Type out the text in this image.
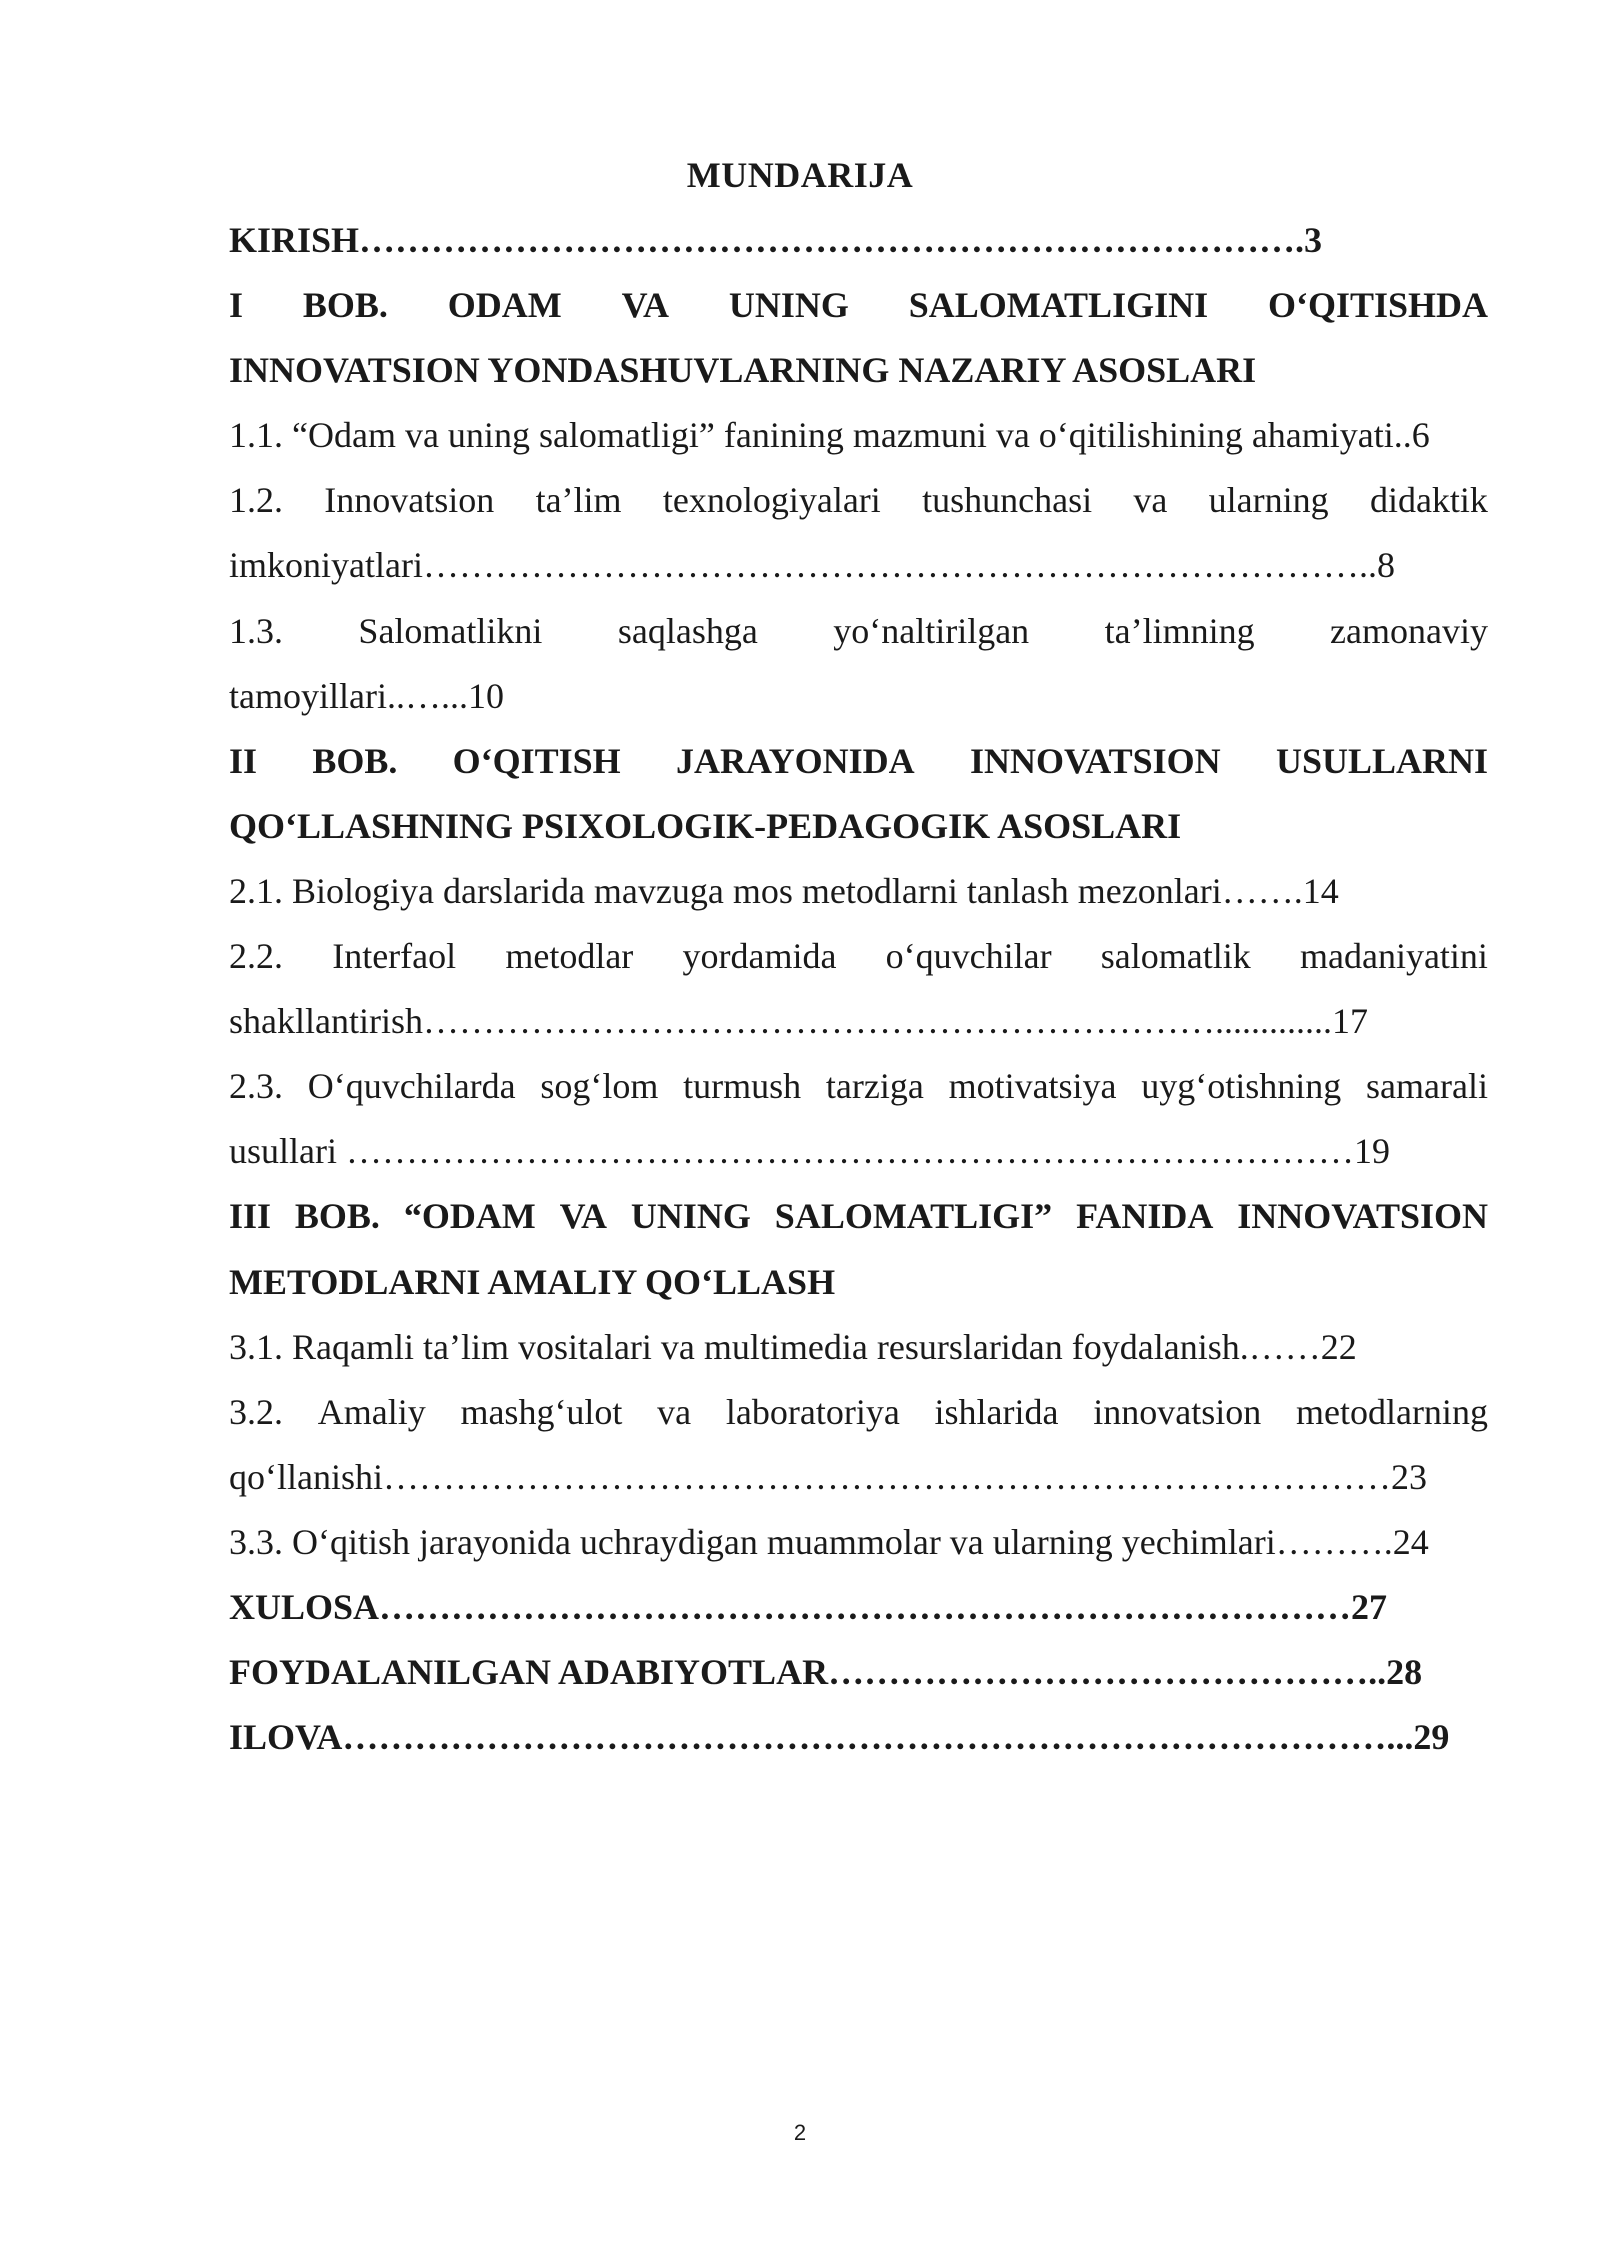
MUNDARIJA
KIRISH…………………………………………………………………….3
I BOB. ODAM VA UNING SALOMATLIGINI O‘QITISHDA
INNOVATSION YONDASHUVLARNING NAZARIY ASOSLARI
1.1. “Odam va uning salomatligi” fanining mazmuni va o‘qitilishining ahamiyati..6
1.2. Innovatsion ta’lim texnologiyalari tushunchasi va ularning didaktik
imkoniyatlari……………………………………………………………………..8
1.3. Salomatlikni saqlashga yo‘naltirilgan ta’limning zamonaviy
tamoyillari..…...10
II BOB. O‘QITISH JARAYONIDA INNOVATSION USULLARNI
QO‘LLASHNING PSIXOLOGIK-PEDAGOGIK ASOSLARI
2.1. Biologiya darslarida mavzuga mos metodlarni tanlash mezonlari…….14
2.2. Interfaol metodlar yordamida o‘quvchilar salomatlik madaniyatini
shakllantirish………………………………………………………….............17
2.3. O‘quvchilarda sog‘lom turmush tarziga motivatsiya uyg‘otishning samarali
usullari …………………………………………………………………………19
III BOB. “ODAM VA UNING SALOMATLIGI” FANIDA INNOVATSION
METODLARNI AMALIY QO‘LLASH
3.1. Raqamli ta’lim vositalari va multimedia resurslaridan foydalanish.……22
3.2. Amaliy mashg‘ulot va laboratoriya ishlarida innovatsion metodlarning
qo‘llanishi…………………………………………………………………………23
3.3. O‘qitish jarayonida uchraydigan muammolar va ularning yechimlari……….24
XULOSA………………………………………………………………………27
FOYDALANILGAN ADABIYOTLAR………………………………………..28
ILOVA……………………………………………………………………………...29
2
